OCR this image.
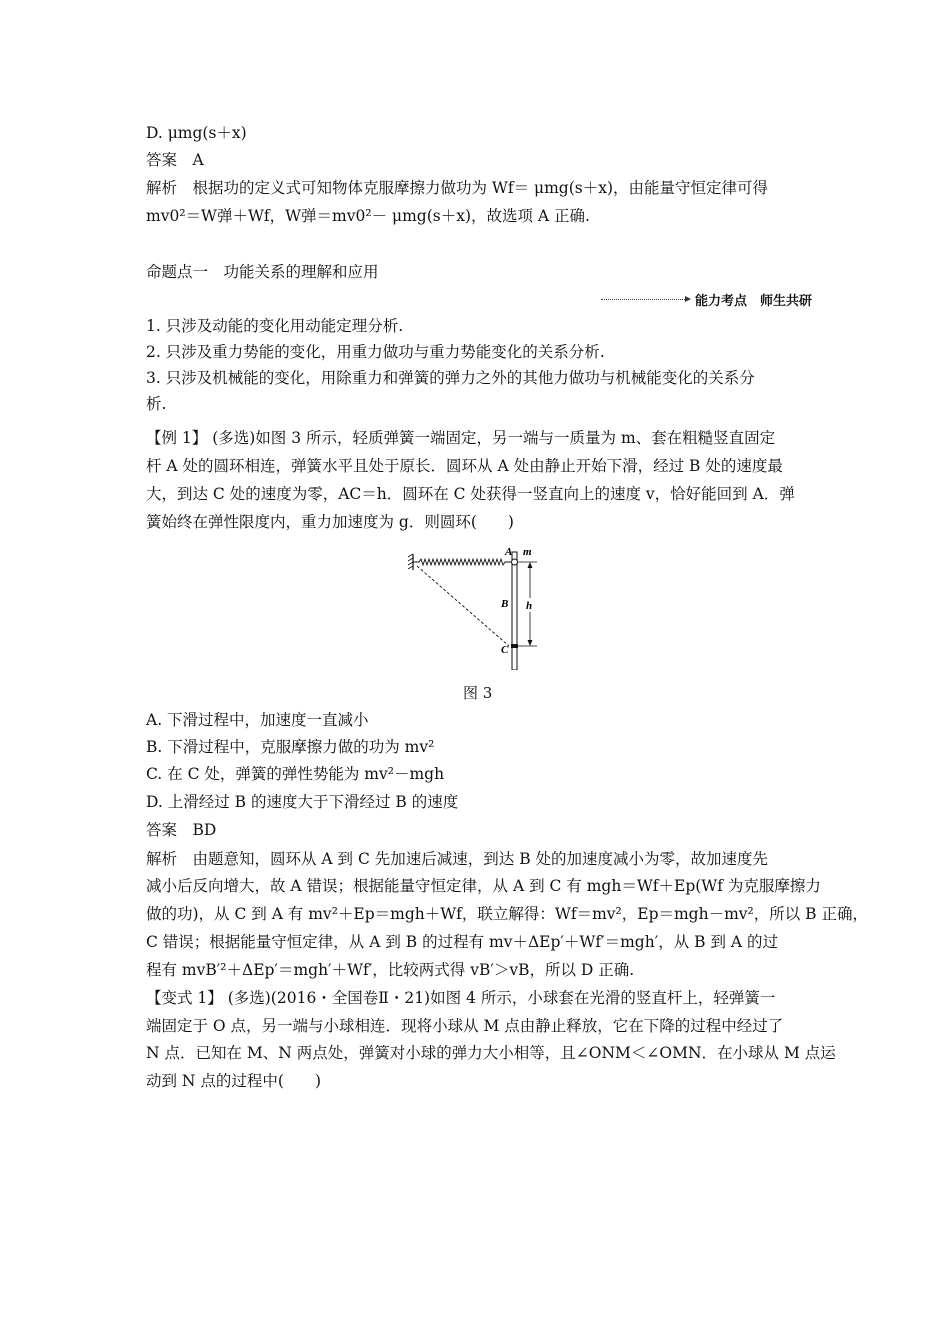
D. μmg(s＋x)
答案　A
解析　根据功的定义式可知物体克服摩擦力做功为 Wf＝ μmg(s＋x)，由能量守恒定律可得
mv0²＝W弹＋Wf，W弹＝mv0²－ μmg(s＋x)，故选项 A 正确.
命题点一　功能关系的理解和应用
能力考点　师生共研
1. 只涉及动能的变化用动能定理分析.
2. 只涉及重力势能的变化，用重力做功与重力势能变化的关系分析.
3. 只涉及机械能的变化，用除重力和弹簧的弹力之外的其他力做功与机械能变化的关系分
析.
【例 1】 (多选)如图 3 所示，轻质弹簧一端固定，另一端与一质量为 m、套在粗糙竖直固定
杆 A 处的圆环相连，弹簧水平且处于原长．圆环从 A 处由静止开始下滑，经过 B 处的速度最
大，到达 C 处的速度为零，AC＝h．圆环在 C 处获得一竖直向上的速度 v，恰好能回到 A．弹
簧始终在弹性限度内，重力加速度为 g．则圆环(　　)
A m
B h
C
图 3
A. 下滑过程中，加速度一直减小
B. 下滑过程中，克服摩擦力做的功为 mv²
C. 在 C 处，弹簧的弹性势能为 mv²－mgh
D. 上滑经过 B 的速度大于下滑经过 B 的速度
答案　BD
解析　由题意知，圆环从 A 到 C 先加速后减速，到达 B 处的加速度减小为零，故加速度先
减小后反向增大，故 A 错误；根据能量守恒定律，从 A 到 C 有 mgh＝Wf＋Ep(Wf 为克服摩擦力
做的功)，从 C 到 A 有 mv²＋Ep＝mgh＋Wf，联立解得：Wf＝mv²，Ep＝mgh－mv²，所以 B 正确，
C 错误；根据能量守恒定律，从 A 到 B 的过程有 mv＋ΔEp′＋Wf′＝mgh′，从 B 到 A 的过
程有 mvB′²＋ΔEp′＝mgh′＋Wf′，比较两式得 vB′＞vB，所以 D 正确.
【变式 1】 (多选)(2016・全国卷Ⅱ・21)如图 4 所示，小球套在光滑的竖直杆上，轻弹簧一
端固定于 O 点，另一端与小球相连．现将小球从 M 点由静止释放，它在下降的过程中经过了
N 点．已知在 M、N 两点处，弹簧对小球的弹力大小相等，且∠ONM＜∠OMN．在小球从 M 点运
动到 N 点的过程中(　　)
